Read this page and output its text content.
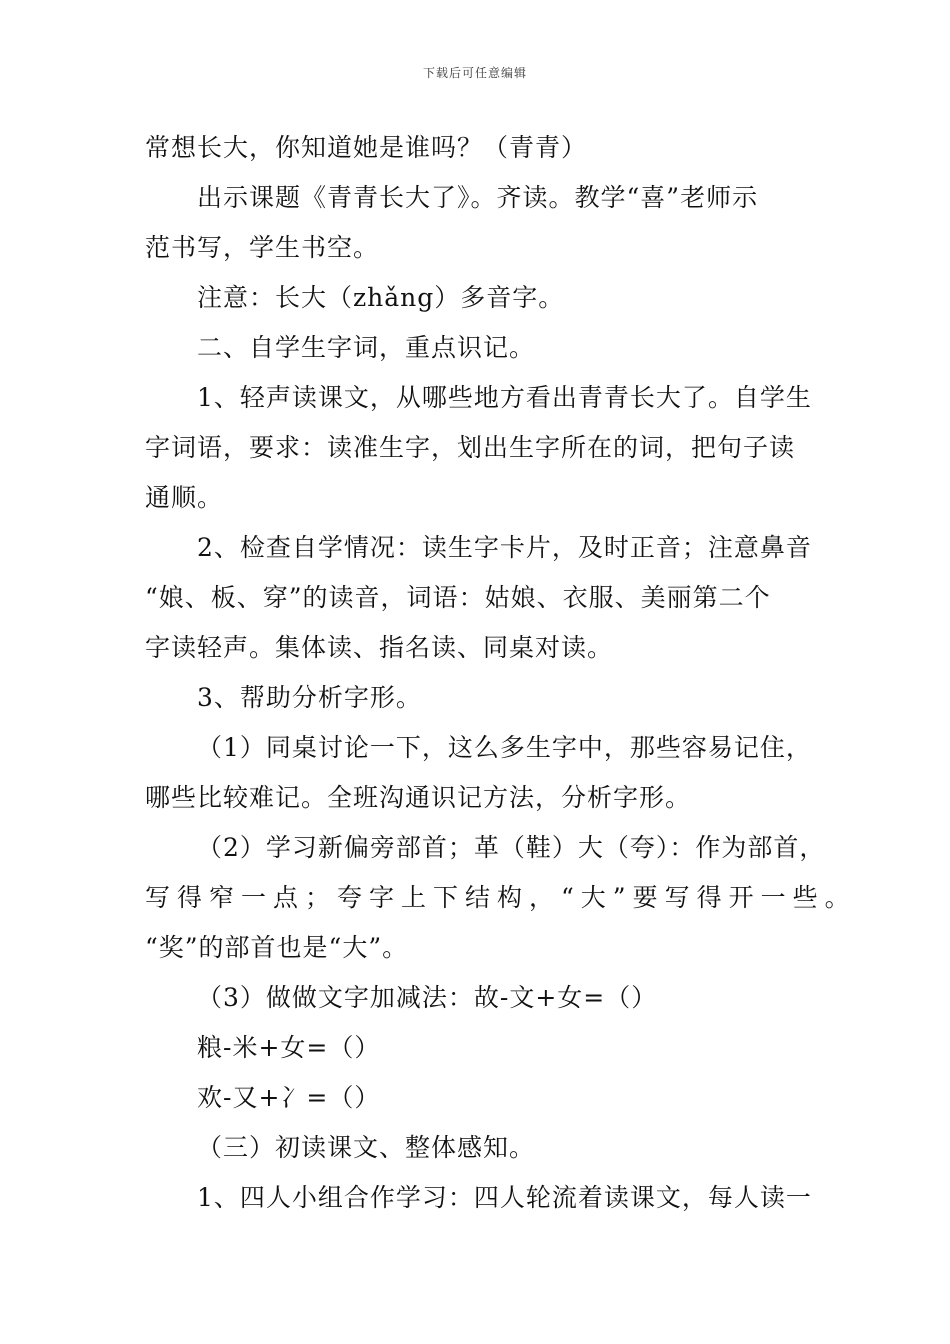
下载后可任意编辑
常想长大，你知道她是谁吗？（青青）
出示课题《青青长大了》。齐读。教学“喜”老师示
范书写，学生书空。
注意：长大（zhǎng）多音字。
二、自学生字词，重点识记。
1、轻声读课文，从哪些地方看出青青长大了。自学生
字词语，要求：读准生字，划出生字所在的词，把句子读
通顺。
2、检查自学情况：读生字卡片，及时正音；注意鼻音
“娘、板、穿”的读音，词语：姑娘、衣服、美丽第二个
字读轻声。集体读、指名读、同桌对读。
3、帮助分析字形。
（1）同桌讨论一下，这么多生字中，那些容易记住，
哪些比较难记。全班沟通识记方法，分析字形。
（2）学习新偏旁部首；革（鞋）大（夸）：作为部首，
写得窄一点；夸字上下结构，“大”要写得开一些。
“奖”的部首也是“大”。
（3）做做文字加减法：故-文+女=（）
粮-米+女=（）
欢-又+冫=（）
（三）初读课文、整体感知。
1、四人小组合作学习：四人轮流着读课文，每人读一
